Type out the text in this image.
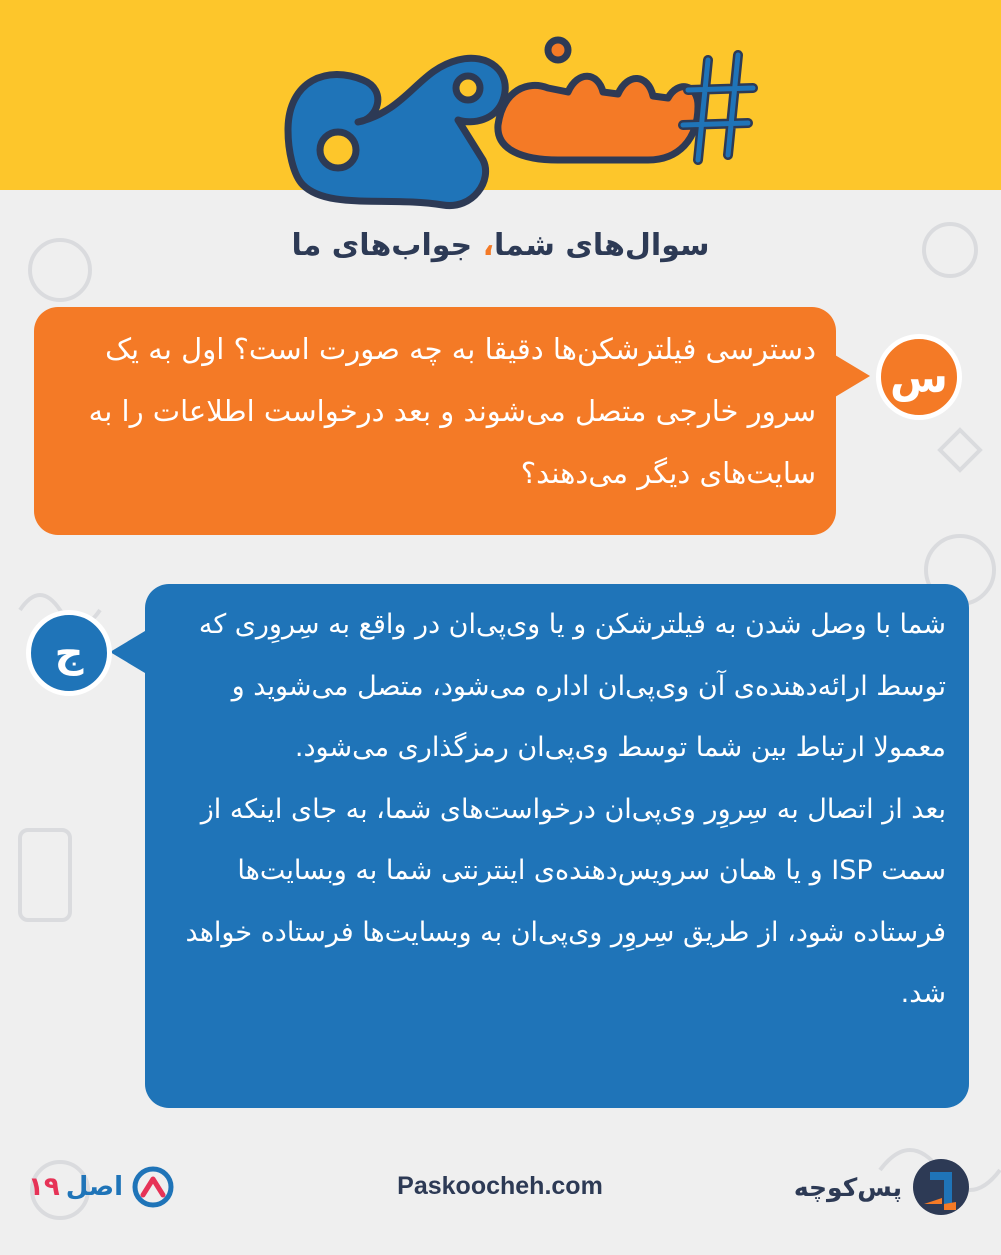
سوال‌های شما، جواب‌های ما
دسترسی فیلترشکن‌ها دقیقا به چه صورت است؟ اول به یک سرور خارجی متصل می‌شوند و بعد درخواست اطلاعات را به سایت‌های دیگر می‌دهند؟
س

شما با وصل شدن به فیلترشکن و یا وی‌پی‌ان در واقع به سِروِری که توسط ارائه‌دهنده‌ی آن وی‌پی‌ان اداره می‌شود، متصل می‌شوید و معمولا ارتباط بین شما توسط وی‌پی‌ان رمزگذاری می‌شود.

بعد از اتصال به سِروِر وی‌پی‌ان درخواست‌های شما، به جای اینکه از سمت ISP و یا همان سرویس‌دهنده‌ی اینترنتی شما به وبسایت‌ها فرستاده شود، از طریق سِروِر وی‌پی‌ان به وبسایت‌ها فرستاده خواهد شد.

ج
۱۹ اصل	Paskoocheh.com	پس‌کوچه
